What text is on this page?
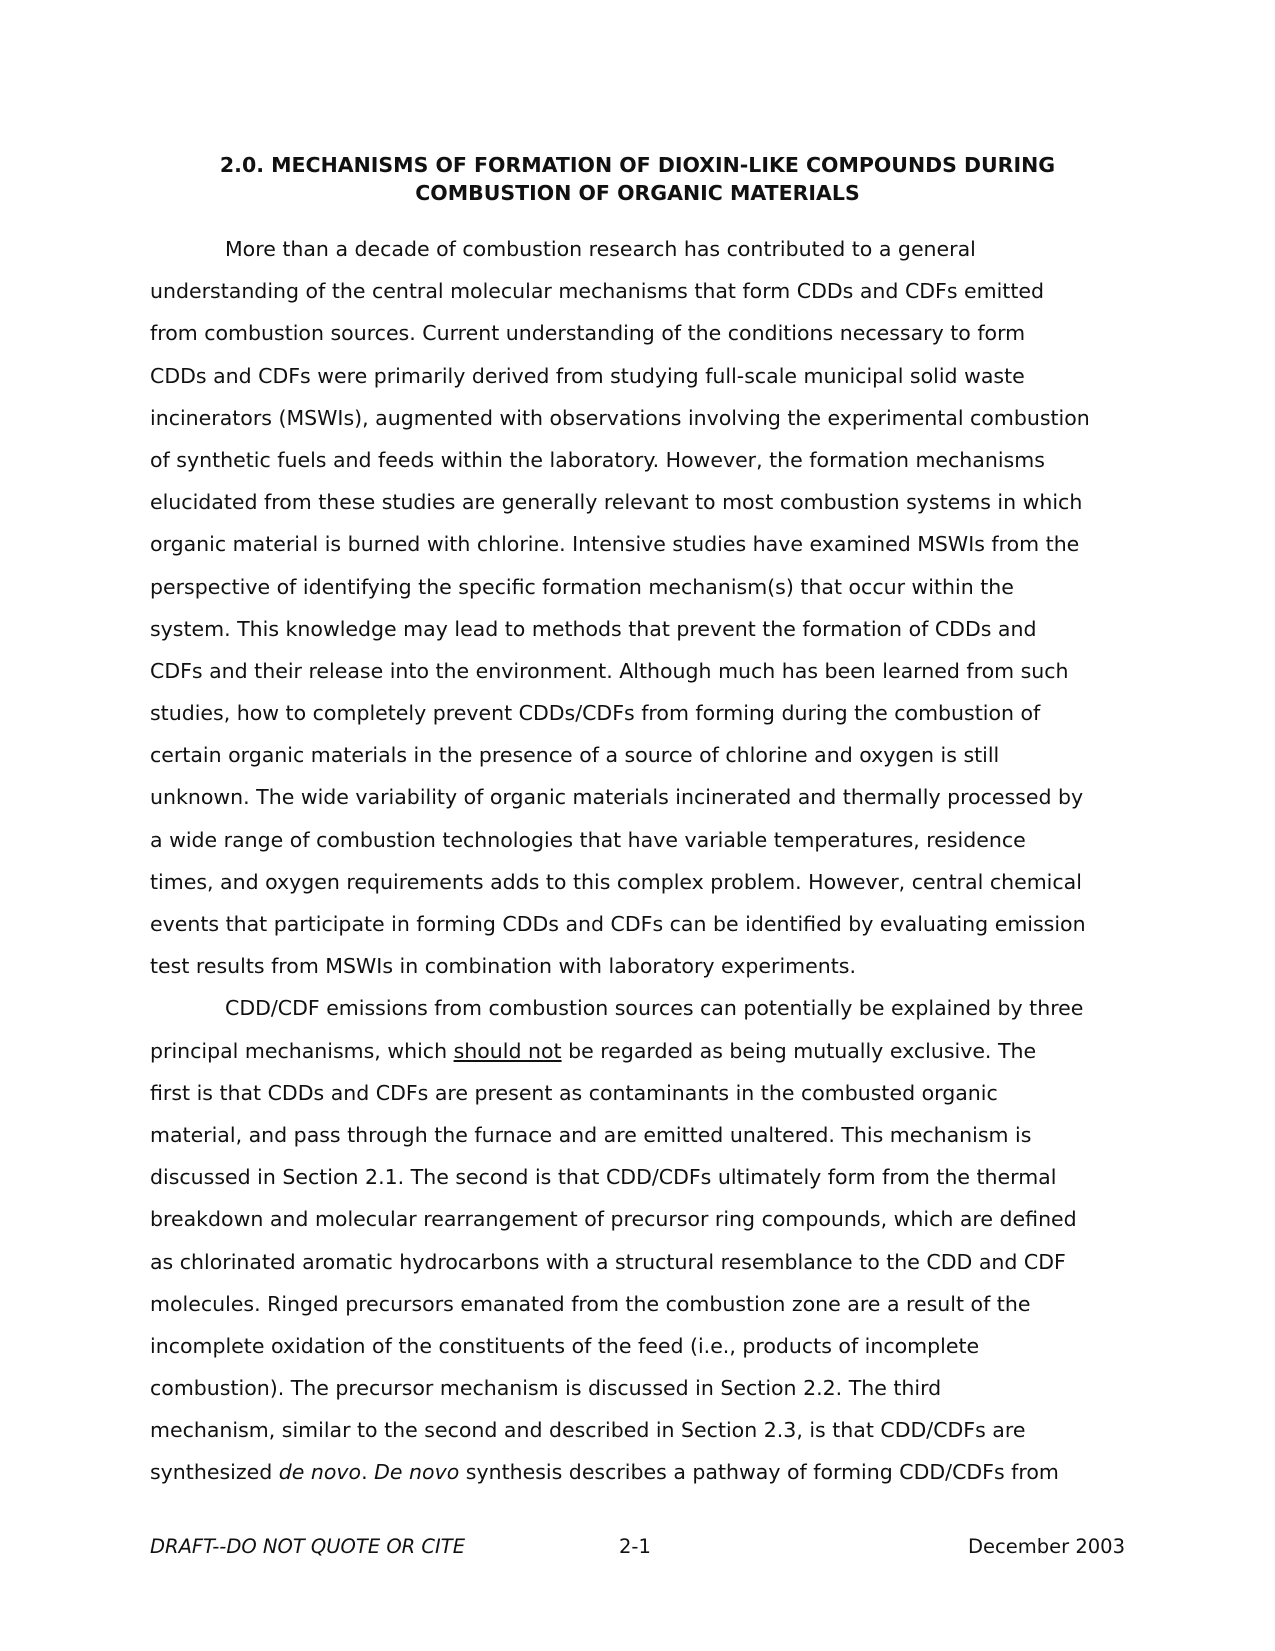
2.0. MECHANISMS OF FORMATION OF DIOXIN-LIKE COMPOUNDS DURING
COMBUSTION OF ORGANIC MATERIALS
More than a decade of combustion research has contributed to a general
understanding of the central molecular mechanisms that form CDDs and CDFs emitted
from combustion sources. Current understanding of the conditions necessary to form
CDDs and CDFs were primarily derived from studying full-scale municipal solid waste
incinerators (MSWIs), augmented with observations involving the experimental combustion
of synthetic fuels and feeds within the laboratory. However, the formation mechanisms
elucidated from these studies are generally relevant to most combustion systems in which
organic material is burned with chlorine. Intensive studies have examined MSWIs from the
perspective of identifying the specific formation mechanism(s) that occur within the
system. This knowledge may lead to methods that prevent the formation of CDDs and
CDFs and their release into the environment. Although much has been learned from such
studies, how to completely prevent CDDs/CDFs from forming during the combustion of
certain organic materials in the presence of a source of chlorine and oxygen is still
unknown. The wide variability of organic materials incinerated and thermally processed by
a wide range of combustion technologies that have variable temperatures, residence
times, and oxygen requirements adds to this complex problem. However, central chemical
events that participate in forming CDDs and CDFs can be identified by evaluating emission
test results from MSWIs in combination with laboratory experiments.
CDD/CDF emissions from combustion sources can potentially be explained by three
principal mechanisms, which should not be regarded as being mutually exclusive. The
first is that CDDs and CDFs are present as contaminants in the combusted organic
material, and pass through the furnace and are emitted unaltered. This mechanism is
discussed in Section 2.1. The second is that CDD/CDFs ultimately form from the thermal
breakdown and molecular rearrangement of precursor ring compounds, which are defined
as chlorinated aromatic hydrocarbons with a structural resemblance to the CDD and CDF
molecules. Ringed precursors emanated from the combustion zone are a result of the
incomplete oxidation of the constituents of the feed (i.e., products of incomplete
combustion). The precursor mechanism is discussed in Section 2.2. The third
mechanism, similar to the second and described in Section 2.3, is that CDD/CDFs are
synthesized de novo. De novo synthesis describes a pathway of forming CDD/CDFs from
DRAFT--DO NOT QUOTE OR CITE	2-1	December 2003
